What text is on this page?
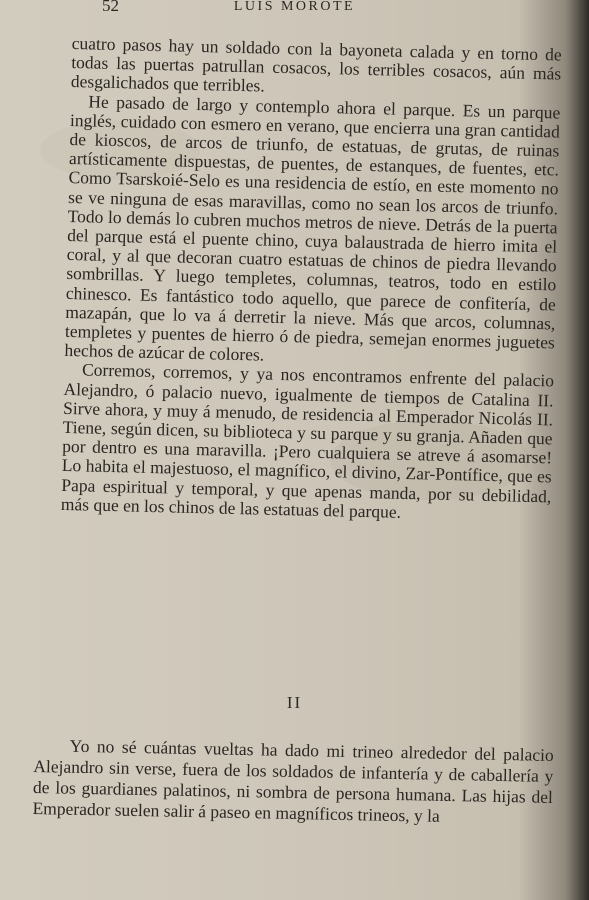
52	LUIS MOROTE

cuatro pasos hay un soldado con la bayoneta calada y en torno de todas las puertas patrullan cosacos, los terribles cosacos, aún más desgalichados que terribles.

He pasado de largo y contemplo ahora el parque. Es un parque inglés, cuidado con esmero en verano, que encierra una gran cantidad de kioscos, de arcos de triunfo, de estatuas, de grutas, de ruinas artísticamente dispuestas, de puentes, de estanques, de fuentes, etc. Como Tsarskoié-Selo es una residencia de estío, en este momento no se ve ninguna de esas maravillas, como no sean los arcos de triunfo. Todo lo demás lo cubren muchos metros de nieve. Detrás de la puerta del parque está el puente chino, cuya balaustrada de hierro imita el coral, y al que decoran cuatro estatuas de chinos de piedra llevando sombrillas. Y luego templetes, columnas, teatros, todo en estilo chinesco. Es fantástico todo aquello, que parece de confitería, de mazapán, que lo va á derretir la nieve. Más que arcos, columnas, templetes y puentes de hierro ó de piedra, semejan enormes juguetes hechos de azúcar de colores.

Corremos, corremos, y ya nos encontramos enfrente del palacio Alejandro, ó palacio nuevo, igualmente de tiempos de Catalina II. Sirve ahora, y muy á menudo, de residencia al Emperador Nicolás II. Tiene, según dicen, su biblioteca y su parque y su granja. Añaden que por dentro es una maravilla. ¡Pero cualquiera se atreve á asomarse! Lo habita el majestuoso, el magnífico, el divino, Zar-Pontífice, que es Papa espiritual y temporal, y que apenas manda, por su debilidad, más que en los chinos de las estatuas del parque.

II

Yo no sé cuántas vueltas ha dado mi trineo alrededor del palacio Alejandro sin verse, fuera de los soldados de infantería y de caballería y de los guardianes palatinos, ni sombra de persona humana. Las hijas del Emperador suelen salir á paseo en magníficos trineos, y la
